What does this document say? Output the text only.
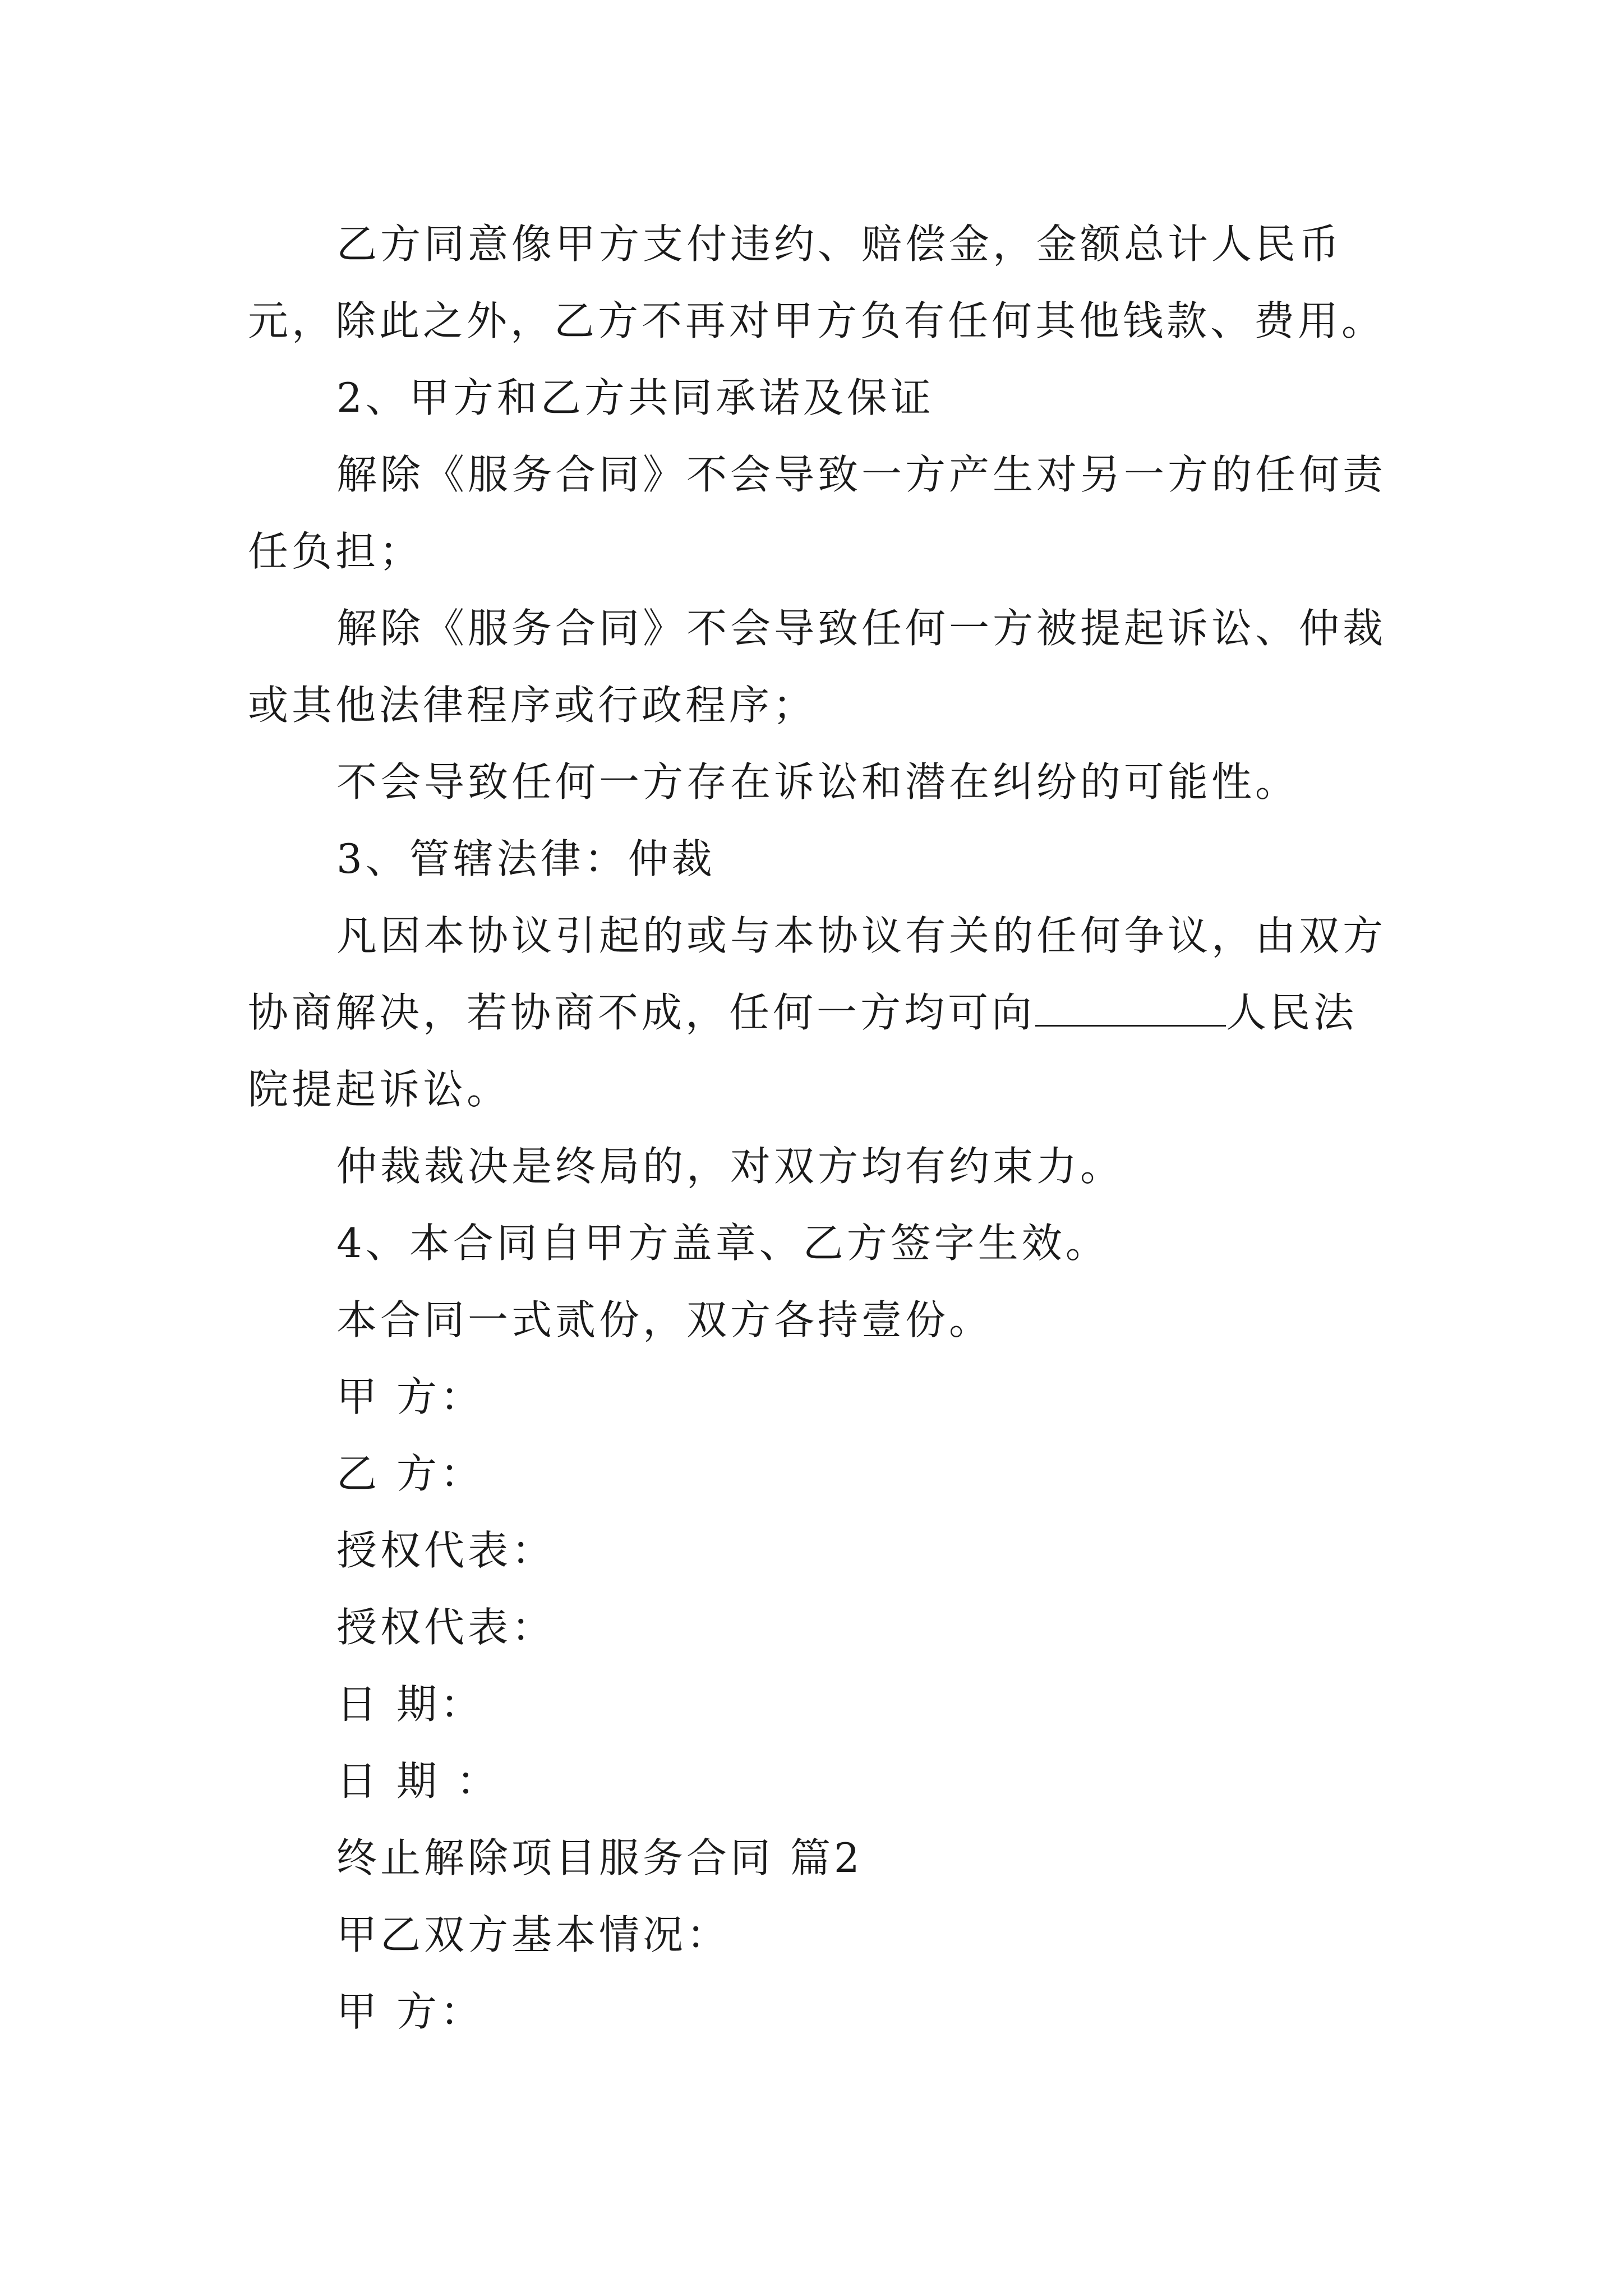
乙方同意像甲方支付违约、赔偿金，金额总计人民币
元，除此之外，乙方不再对甲方负有任何其他钱款、费用。
2、甲方和乙方共同承诺及保证
解除《服务合同》不会导致一方产生对另一方的任何责
任负担；
解除《服务合同》不会导致任何一方被提起诉讼、仲裁
或其他法律程序或行政程序；
不会导致任何一方存在诉讼和潜在纠纷的可能性。
3、管辖法律：仲裁
凡因本协议引起的或与本协议有关的任何争议，由双方
协商解决，若协商不成，任何一方均可向	人民法
院提起诉讼。
仲裁裁决是终局的，对双方均有约束力。
4、本合同自甲方盖章、乙方签字生效。
本合同一式贰份，双方各持壹份。
甲 方：
乙 方：
授权代表：
授权代表：
日 期：
日 期 ：
终止解除项目服务合同 篇2
甲乙双方基本情况：
甲 方：
